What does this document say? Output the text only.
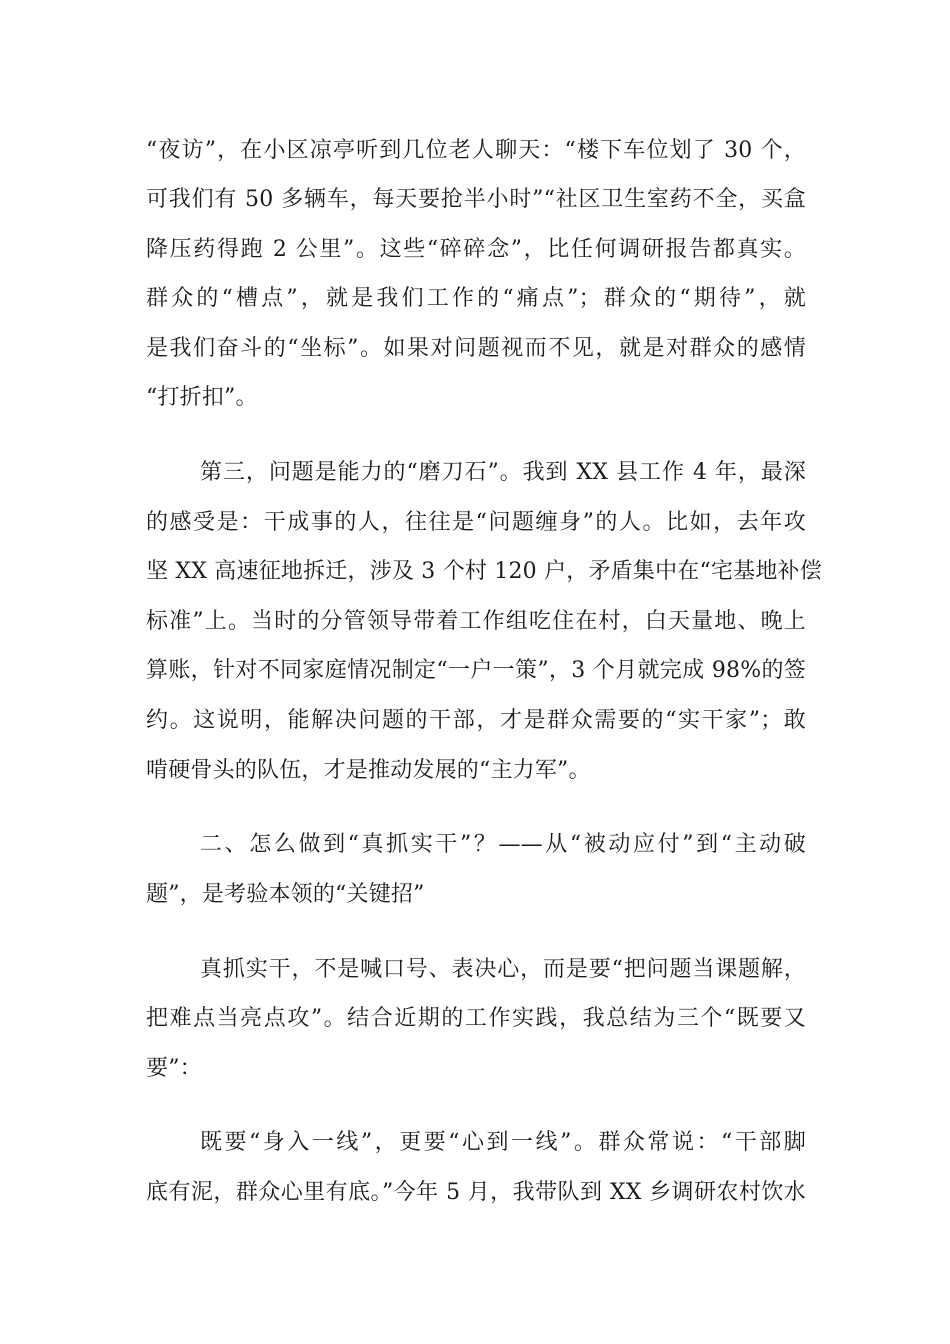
“夜访”，在小区凉亭听到几位老人聊天：“楼下车位划了 30 个，
可我们有 50 多辆车，每天要抢半小时”“社区卫生室药不全，买盒
降压药得跑 2 公里”。这些“碎碎念”，比任何调研报告都真实。
群众的“槽点”，就是我们工作的“痛点”；群众的“期待”，就
是我们奋斗的“坐标”。如果对问题视而不见，就是对群众的感情
“打折扣”。
第三，问题是能力的“磨刀石”。我到 XX 县工作 4 年，最深
的感受是：干成事的人，往往是“问题缠身”的人。比如，去年攻
坚 XX 高速征地拆迁，涉及 3 个村 120 户，矛盾集中在“宅基地补偿
标准”上。当时的分管领导带着工作组吃住在村，白天量地、晚上
算账，针对不同家庭情况制定“一户一策”，3 个月就完成 98%的签
约。这说明，能解决问题的干部，才是群众需要的“实干家”；敢
啃硬骨头的队伍，才是推动发展的“主力军”。
二、怎么做到“真抓实干”？——从“被动应付”到“主动破
题”，是考验本领的“关键招”
真抓实干，不是喊口号、表决心，而是要“把问题当课题解，
把难点当亮点攻”。结合近期的工作实践，我总结为三个“既要又
要”：
既要“身入一线”，更要“心到一线”。群众常说：“干部脚
底有泥，群众心里有底。”今年 5 月，我带队到 XX 乡调研农村饮水
